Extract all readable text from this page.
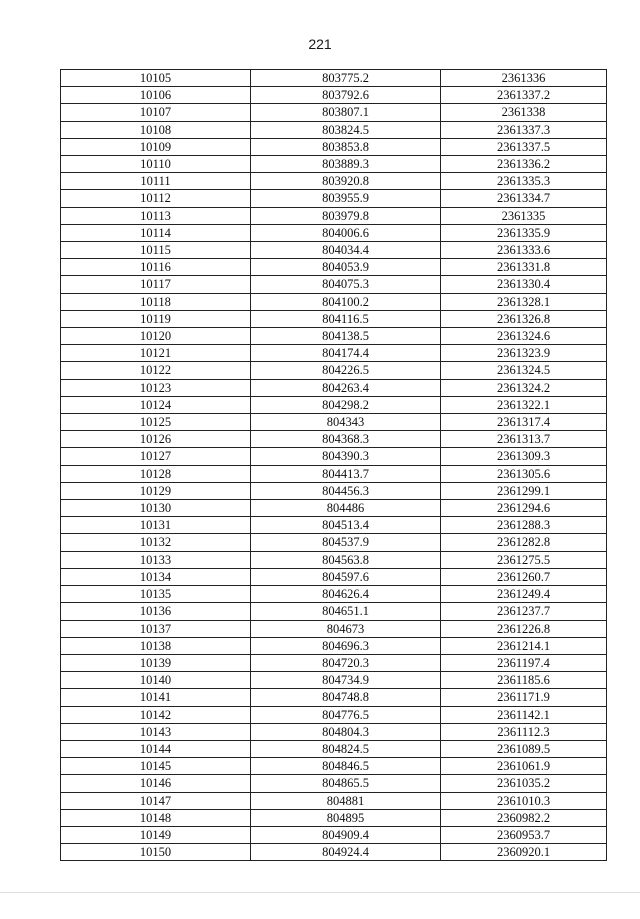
221
10105	803775.2	2361336
10106	803792.6	2361337.2
10107	803807.1	2361338
10108	803824.5	2361337.3
10109	803853.8	2361337.5
10110	803889.3	2361336.2
10111	803920.8	2361335.3
10112	803955.9	2361334.7
10113	803979.8	2361335
10114	804006.6	2361335.9
10115	804034.4	2361333.6
10116	804053.9	2361331.8
10117	804075.3	2361330.4
10118	804100.2	2361328.1
10119	804116.5	2361326.8
10120	804138.5	2361324.6
10121	804174.4	2361323.9
10122	804226.5	2361324.5
10123	804263.4	2361324.2
10124	804298.2	2361322.1
10125	804343	2361317.4
10126	804368.3	2361313.7
10127	804390.3	2361309.3
10128	804413.7	2361305.6
10129	804456.3	2361299.1
10130	804486	2361294.6
10131	804513.4	2361288.3
10132	804537.9	2361282.8
10133	804563.8	2361275.5
10134	804597.6	2361260.7
10135	804626.4	2361249.4
10136	804651.1	2361237.7
10137	804673	2361226.8
10138	804696.3	2361214.1
10139	804720.3	2361197.4
10140	804734.9	2361185.6
10141	804748.8	2361171.9
10142	804776.5	2361142.1
10143	804804.3	2361112.3
10144	804824.5	2361089.5
10145	804846.5	2361061.9
10146	804865.5	2361035.2
10147	804881	2361010.3
10148	804895	2360982.2
10149	804909.4	2360953.7
10150	804924.4	2360920.1
